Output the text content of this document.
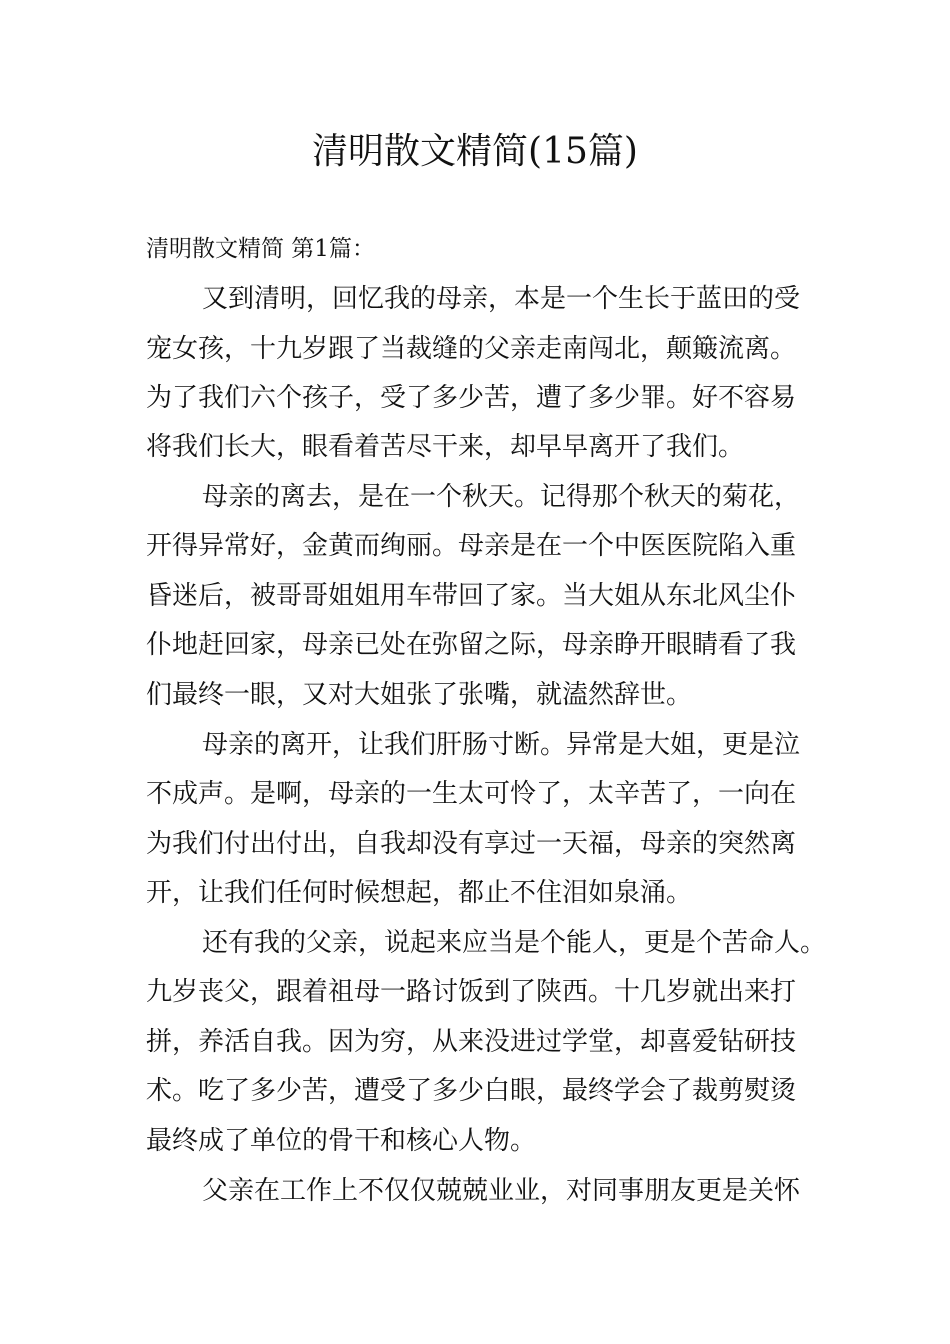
清明散文精简(15篇)
清明散文精简 第1篇：
又到清明，回忆我的母亲，本是一个生长于蓝田的受
宠女孩，十九岁跟了当裁缝的父亲走南闯北，颠簸流离。
为了我们六个孩子，受了多少苦，遭了多少罪。好不容易
将我们长大，眼看着苦尽干来，却早早离开了我们。
母亲的离去，是在一个秋天。记得那个秋天的菊花，
开得异常好，金黄而绚丽。母亲是在一个中医医院陷入重
昏迷后，被哥哥姐姐用车带回了家。当大姐从东北风尘仆
仆地赶回家，母亲已处在弥留之际，母亲睁开眼睛看了我
们最终一眼，又对大姐张了张嘴，就溘然辞世。
母亲的离开，让我们肝肠寸断。异常是大姐，更是泣
不成声。是啊，母亲的一生太可怜了，太辛苦了，一向在
为我们付出付出，自我却没有享过一天福，母亲的突然离
开，让我们任何时候想起，都止不住泪如泉涌。
还有我的父亲，说起来应当是个能人，更是个苦命人。
九岁丧父，跟着祖母一路讨饭到了陕西。十几岁就出来打
拼，养活自我。因为穷，从来没进过学堂，却喜爱钻研技
术。吃了多少苦，遭受了多少白眼，最终学会了裁剪熨烫
最终成了单位的骨干和核心人物。
父亲在工作上不仅仅兢兢业业，对同事朋友更是关怀
